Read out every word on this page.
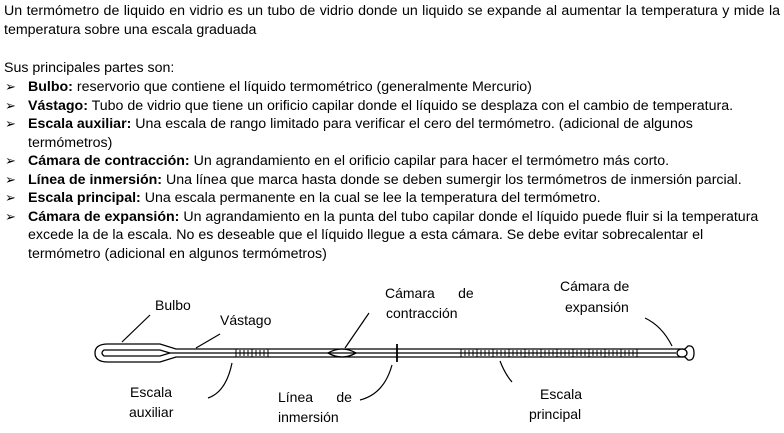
Un termómetro de liquido en vidrio es un tubo de vidrio donde un liquido se expande al aumentar la temperatura y mide la temperatura sobre una escala graduada
Sus principales partes son:
➢ Bulbo: reservorio que contiene el líquido termométrico (generalmente Mercurio)
➢ Vástago: Tubo de vidrio que tiene un orificio capilar donde el líquido se desplaza con el cambio de temperatura.
➢ Escala auxiliar: Una escala de rango limitado para verificar el cero del termómetro. (adicional de algunos termómetros)
➢ Cámara de contracción: Un agrandamiento en el orificio capilar para hacer el termómetro más corto.
➢ Línea de inmersión: Una línea que marca hasta donde se deben sumergir los termómetros de inmersión parcial.
➢ Escala principal: Una escala permanente en la cual se lee la temperatura del termómetro.
➢ Cámara de expansión: Un agrandamiento en la punta del tubo capilar donde el líquido puede fluir si la temperatura excede la de la escala. No es deseable que el líquido llegue a esta cámara. Se debe evitar sobrecalentar el termómetro (adicional en algunos termómetros)
Bulbo
Vástago
Cámara      de
contracción
Cámara de
expansión
Escala
auxiliar
Línea      de
inmersión
Escala
principal
